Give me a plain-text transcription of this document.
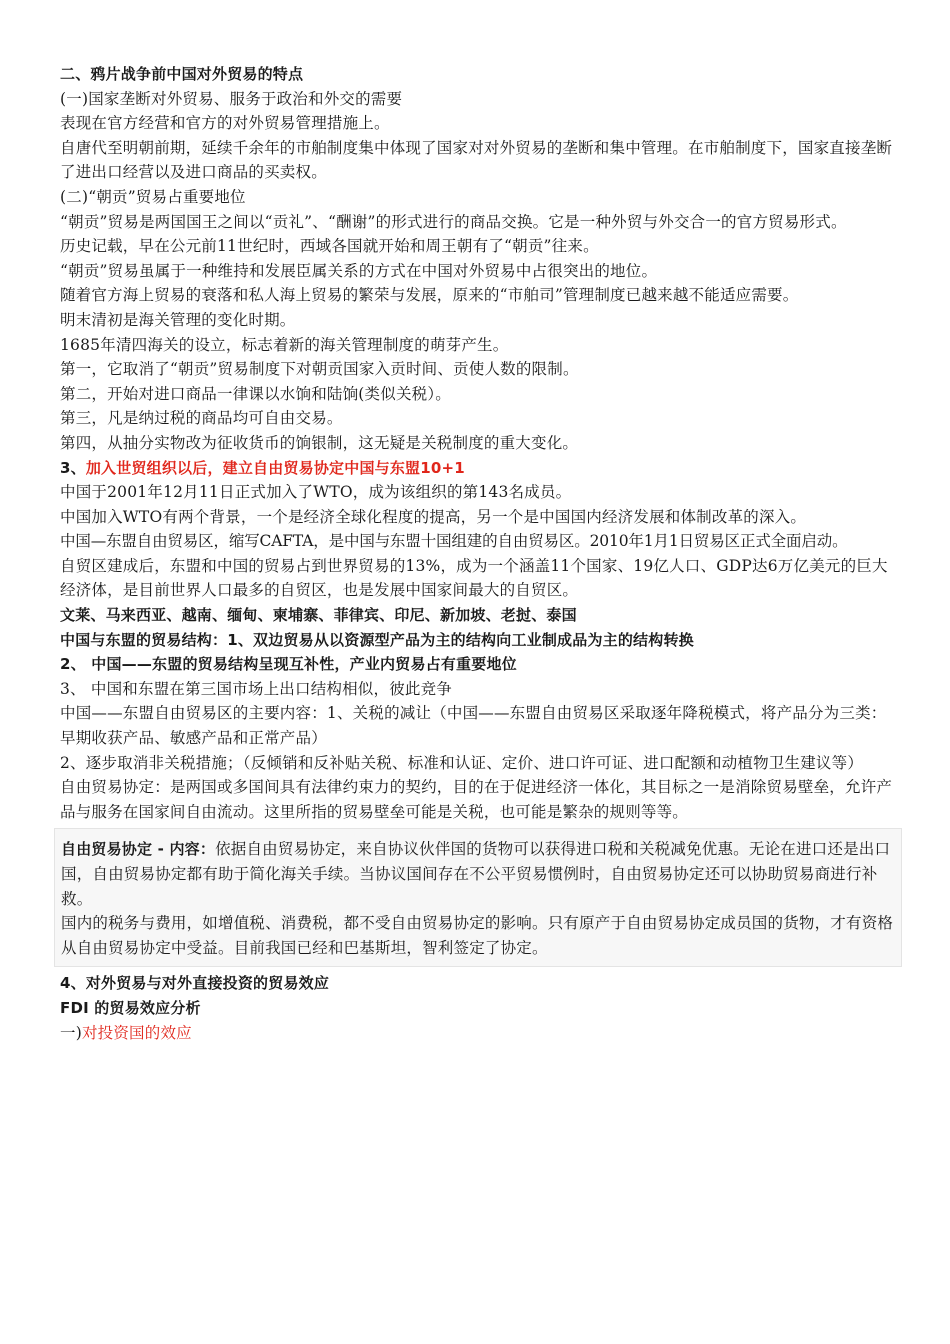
二、鸦片战争前中国对外贸易的特点
(一)国家垄断对外贸易、服务于政治和外交的需要
表现在官方经营和官方的对外贸易管理措施上。
自唐代至明朝前期，延续千余年的市舶制度集中体现了国家对对外贸易的垄断和集中管理。在市舶制度下，国家直接垄断了进出口经营以及进口商品的买卖权。
(二)“朝贡”贸易占重要地位
“朝贡”贸易是两国国王之间以“贡礼”、“酬谢”的形式进行的商品交换。它是一种外贸与外交合一的官方贸易形式。
历史记载，早在公元前11世纪时，西域各国就开始和周王朝有了“朝贡”往来。
“朝贡”贸易虽属于一种维持和发展臣属关系的方式在中国对外贸易中占很突出的地位。
随着官方海上贸易的衰落和私人海上贸易的繁荣与发展，原来的“市舶司”管理制度已越来越不能适应需要。
明末清初是海关管理的变化时期。
1685年清四海关的设立，标志着新的海关管理制度的萌芽产生。
第一，它取消了“朝贡”贸易制度下对朝贡国家入贡时间、贡使人数的限制。
第二，开始对进口商品一律课以水饷和陆饷(类似关税）。
第三，凡是纳过税的商品均可自由交易。
第四，从抽分实物改为征收货币的饷银制，这无疑是关税制度的重大变化。
3、加入世贸组织以后，建立自由贸易协定中国与东盟10+1
中国于2001年12月11日正式加入了WTO，成为该组织的第143名成员。
中国加入WTO有两个背景，一个是经济全球化程度的提高，另一个是中国国内经济发展和体制改革的深入。
中国—东盟自由贸易区，缩写CAFTA，是中国与东盟十国组建的自由贸易区。2010年1月1日贸易区正式全面启动。
自贸区建成后，东盟和中国的贸易占到世界贸易的13%，成为一个涵盖11个国家、19亿人口、GDP达6万亿美元的巨大经济体，是目前世界人口最多的自贸区，也是发展中国家间最大的自贸区。
文莱、马来西亚、越南、缅甸、柬埔寨、菲律宾、印尼、新加坡、老挝、泰国
中国与东盟的贸易结构：1、双边贸易从以资源型产品为主的结构向工业制成品为主的结构转换
2、 中国——东盟的贸易结构呈现互补性，产业内贸易占有重要地位
3、 中国和东盟在第三国市场上出口结构相似，彼此竞争
中国——东盟自由贸易区的主要内容：1、关税的减让（中国——东盟自由贸易区采取逐年降税模式，将产品分为三类：早期收获产品、敏感产品和正常产品）
2、逐步取消非关税措施；（反倾销和反补贴关税、标准和认证、定价、进口许可证、进口配额和动植物卫生建议等）
自由贸易协定：是两国或多国间具有法律约束力的契约，目的在于促进经济一体化，其目标之一是消除贸易壁垒，允许产品与服务在国家间自由流动。这里所指的贸易壁垒可能是关税，也可能是繁杂的规则等等。
自由贸易协定 - 内容：依据自由贸易协定，来自协议伙伴国的货物可以获得进口税和关税减免优惠。无论在进口还是出口国，自由贸易协定都有助于简化海关手续。当协议国间存在不公平贸易惯例时，自由贸易协定还可以协助贸易商进行补救。
国内的税务与费用，如增值税、消费税，都不受自由贸易协定的影响。只有原产于自由贸易协定成员国的货物，才有资格从自由贸易协定中受益。目前我国已经和巴基斯坦，智利签定了协定。
4、对外贸易与对外直接投资的贸易效应
FDI 的贸易效应分析
一)对投资国的效应
